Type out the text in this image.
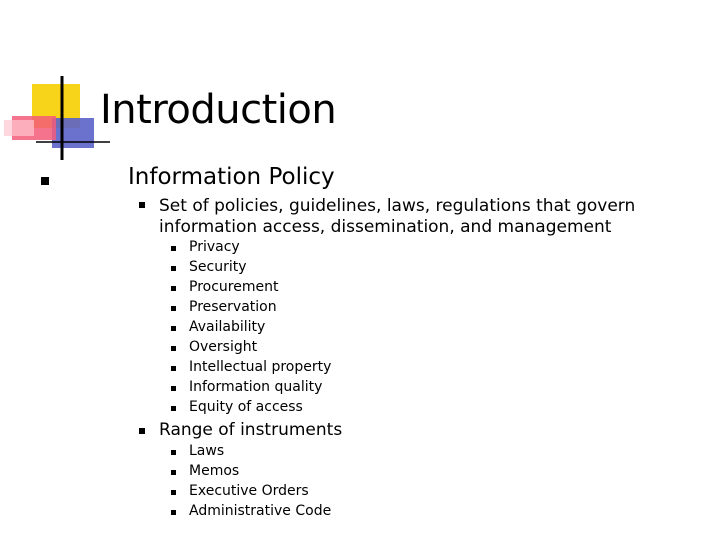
Introduction
Information Policy
Set of policies, guidelines, laws, regulations that govern information access, dissemination, and management
Privacy
Security
Procurement
Preservation
Availability
Oversight
Intellectual property
Information quality
Equity of access
Range of instruments
Laws
Memos
Executive Orders
Administrative Code
